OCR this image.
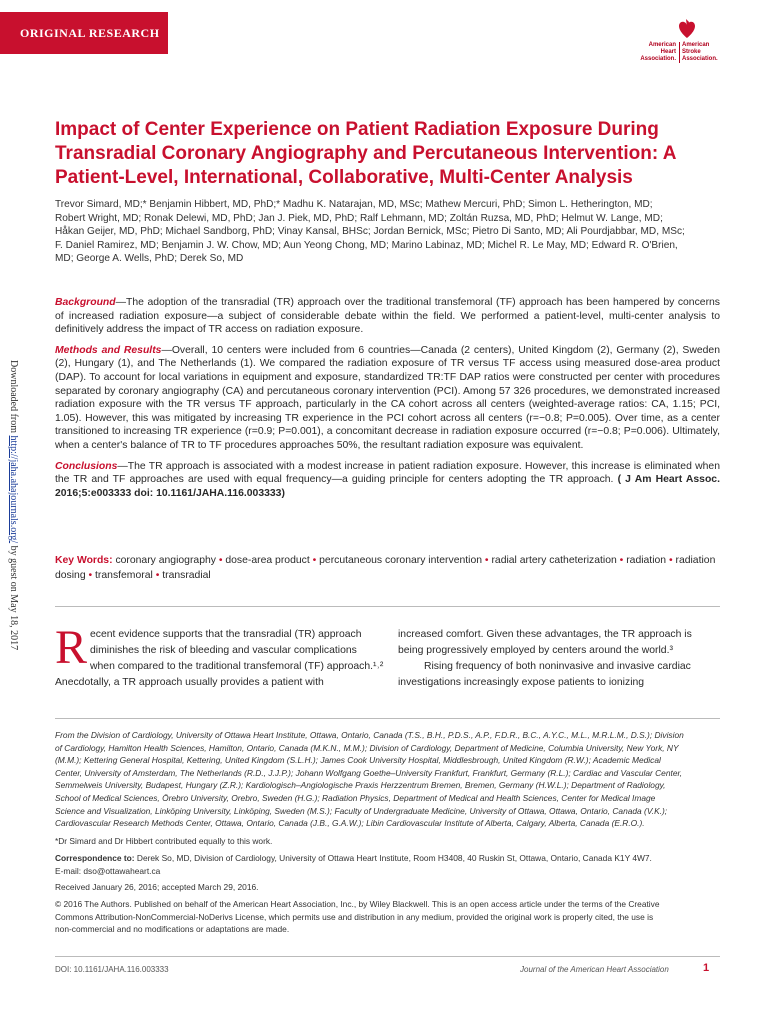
ORIGINAL RESEARCH
American
Heart
Association.
American
Stroke
Association.
Downloaded from http://jaha.ahajournals.org/ by guest on May 18, 2017
Impact of Center Experience on Patient Radiation Exposure During
Transradial Coronary Angiography and Percutaneous Intervention: A
Patient-Level, International, Collaborative, Multi-Center Analysis
Trevor Simard, MD;* Benjamin Hibbert, MD, PhD;* Madhu K. Natarajan, MD, MSc; Mathew Mercuri, PhD; Simon L. Hetherington, MD;
Robert Wright, MD; Ronak Delewi, MD, PhD; Jan J. Piek, MD, PhD; Ralf Lehmann, MD; Zoltán Ruzsa, MD, PhD; Helmut W. Lange, MD;
Håkan Geijer, MD, PhD; Michael Sandborg, PhD; Vinay Kansal, BHSc; Jordan Bernick, MSc; Pietro Di Santo, MD; Ali Pourdjabbar, MD, MSc;
F. Daniel Ramirez, MD; Benjamin J. W. Chow, MD; Aun Yeong Chong, MD; Marino Labinaz, MD; Michel R. Le May, MD; Edward R. O'Brien,
MD; George A. Wells, PhD; Derek So, MD

Background—The adoption of the transradial (TR) approach over the traditional transfemoral (TF) approach has been hampered by concerns of increased radiation exposure—a subject of considerable debate within the field. We performed a patient-level, multi-center analysis to definitively address the impact of TR access on radiation exposure.

Methods and Results—Overall, 10 centers were included from 6 countries—Canada (2 centers), United Kingdom (2), Germany (2), Sweden (2), Hungary (1), and The Netherlands (1). We compared the radiation exposure of TR versus TF access using measured dose-area product (DAP). To account for local variations in equipment and exposure, standardized TR:TF DAP ratios were constructed per center with procedures separated by coronary angiography (CA) and percutaneous coronary intervention (PCI). Among 57 326 procedures, we demonstrated increased radiation exposure with the TR versus TF approach, particularly in the CA cohort across all centers (weighted-average ratios: CA, 1.15; PCI, 1.05). However, this was mitigated by increasing TR experience in the PCI cohort across all centers (r=−0.8; P=0.005). Over time, as a center transitioned to increasing TR experience (r=0.9; P=0.001), a concomitant decrease in radiation exposure occurred (r=−0.8; P=0.006). Ultimately, when a center's balance of TR to TF procedures approaches 50%, the resultant radiation exposure was equivalent.

Conclusions—The TR approach is associated with a modest increase in patient radiation exposure. However, this increase is eliminated when the TR and TF approaches are used with equal frequency—a guiding principle for centers adopting the TR approach. ( J Am Heart Assoc. 2016;5:e003333 doi: 10.1161/JAHA.116.003333)

Key Words: coronary angiography • dose-area product • percutaneous coronary intervention • radial artery catheterization • radiation • radiation dosing • transfemoral • transradial
R ecent evidence supports that the transradial (TR) approach
diminishes the risk of bleeding and vascular complications
when compared to the traditional transfemoral (TF) approach.¹˒²
Anecdotally, a TR approach usually provides a patient with
increased comfort. Given these advantages, the TR approach is
being progressively employed by centers around the world.³
Rising frequency of both noninvasive and invasive cardiac
investigations increasingly expose patients to ionizing
From the Division of Cardiology, University of Ottawa Heart Institute, Ottawa, Ontario, Canada (T.S., B.H., P.D.S., A.P., F.D.R., B.C., A.Y.C., M.L., M.R.L.M., D.S.); Division
of Cardiology, Hamilton Health Sciences, Hamilton, Ontario, Canada (M.K.N., M.M.); Division of Cardiology, Department of Medicine, Columbia University, New York, NY
(M.M.); Kettering General Hospital, Kettering, United Kingdom (S.L.H.); James Cook University Hospital, Middlesbrough, United Kingdom (R.W.); Academic Medical
Center, University of Amsterdam, The Netherlands (R.D., J.J.P.); Johann Wolfgang Goethe–University Frankfurt, Frankfurt, Germany (R.L.); Cardiac and Vascular Center,
Semmelweis University, Budapest, Hungary (Z.R.); Kardiologisch–Angiologische Praxis Herzzentrum Bremen, Bremen, Germany (H.W.L.); Department of Radiology,
School of Medical Sciences, Örebro University, Orebro, Sweden (H.G.); Radiation Physics, Department of Medical and Health Sciences, Center for Medical Image
Science and Visualization, Linköping University, Linköping, Sweden (M.S.); Faculty of Undergraduate Medicine, University of Ottawa, Ottawa, Ontario, Canada (V.K.);
Cardiovascular Research Methods Center, Ottawa, Ontario, Canada (J.B., G.A.W.); Libin Cardiovascular Institute of Alberta, Calgary, Alberta, Canada (E.R.O.).
*Dr Simard and Dr Hibbert contributed equally to this work.
Correspondence to: Derek So, MD, Division of Cardiology, University of Ottawa Heart Institute, Room H3408, 40 Ruskin St, Ottawa, Ontario, Canada K1Y 4W7.
E-mail: dso@ottawaheart.ca
Received January 26, 2016; accepted March 29, 2016.
© 2016 The Authors. Published on behalf of the American Heart Association, Inc., by Wiley Blackwell. This is an open access article under the terms of the Creative
Commons Attribution-NonCommercial-NoDerivs License, which permits use and distribution in any medium, provided the original work is properly cited, the use is
non-commercial and no modifications or adaptations are made.
DOI: 10.1161/JAHA.116.003333	Journal of the American Heart Association	1
